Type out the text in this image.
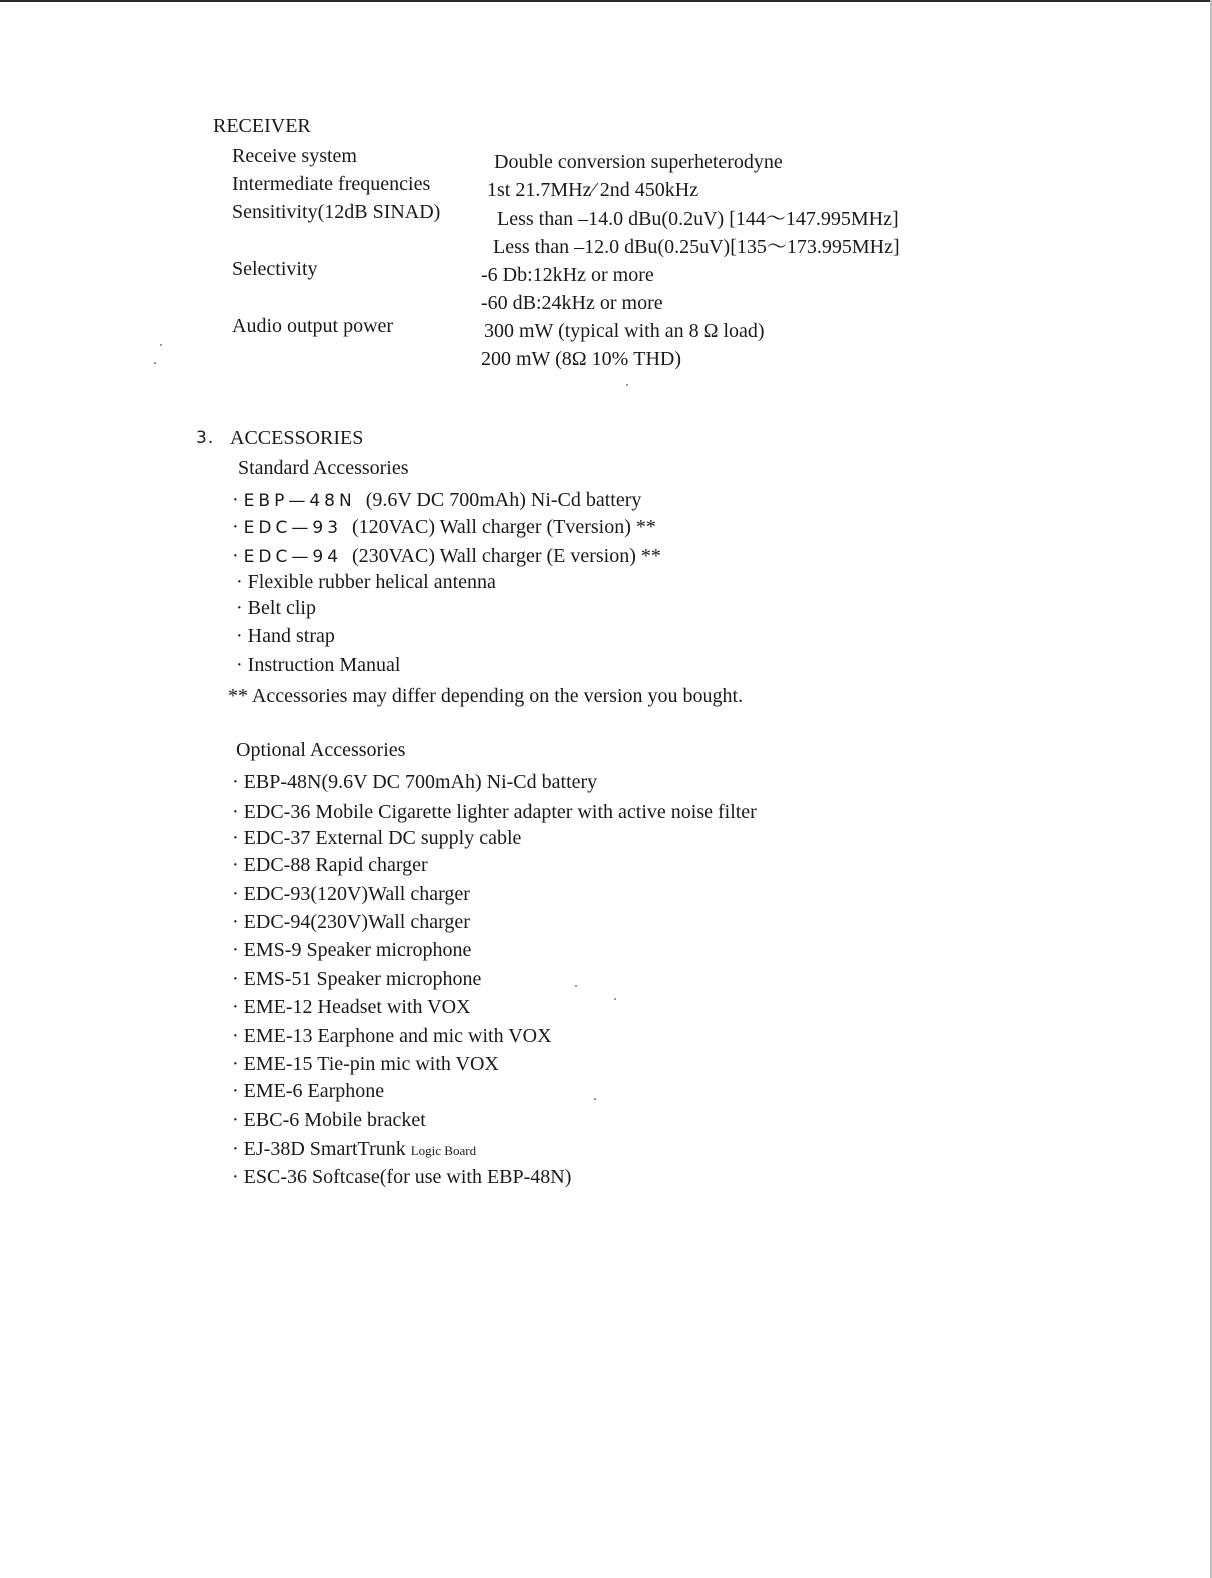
RECEIVER
Receive system	Double conversion superheterodyne
Intermediate frequencies	1st 21.7MHz⁄ 2nd 450kHz
Sensitivity(12dB SINAD)	Less than –14.0 dBu(0.2uV) [144〜147.995MHz]
Less than –12.0 dBu(0.25uV)[135〜173.995MHz]
Selectivity	-6 Db:12kHz or more
-60 dB:24kHz or more
Audio output power	300 mW (typical with an 8 Ω load)
200 mW (8Ω 10% THD)
3. ACCESSORIES
Standard Accessories
· EBP—48N (9.6V DC 700mAh) Ni-Cd battery
· EDC—93 (120VAC) Wall charger (Tversion) **
· EDC—94 (230VAC) Wall charger (E version) **
· Flexible rubber helical antenna
· Belt clip
· Hand strap
· Instruction Manual
** Accessories may differ depending on the version you bought.
Optional Accessories
· EBP-48N(9.6V DC 700mAh) Ni-Cd battery
· EDC-36 Mobile Cigarette lighter adapter with active noise filter
· EDC-37 External DC supply cable
· EDC-88 Rapid charger
· EDC-93(120V)Wall charger
· EDC-94(230V)Wall charger
· EMS-9 Speaker microphone
· EMS-51 Speaker microphone
· EME-12 Headset with VOX
· EME-13 Earphone and mic with VOX
· EME-15 Tie-pin mic with VOX
· EME-6 Earphone
· EBC-6 Mobile bracket
· EJ-38D SmartTrunk Logic Board
· ESC-36 Softcase(for use with EBP-48N)
